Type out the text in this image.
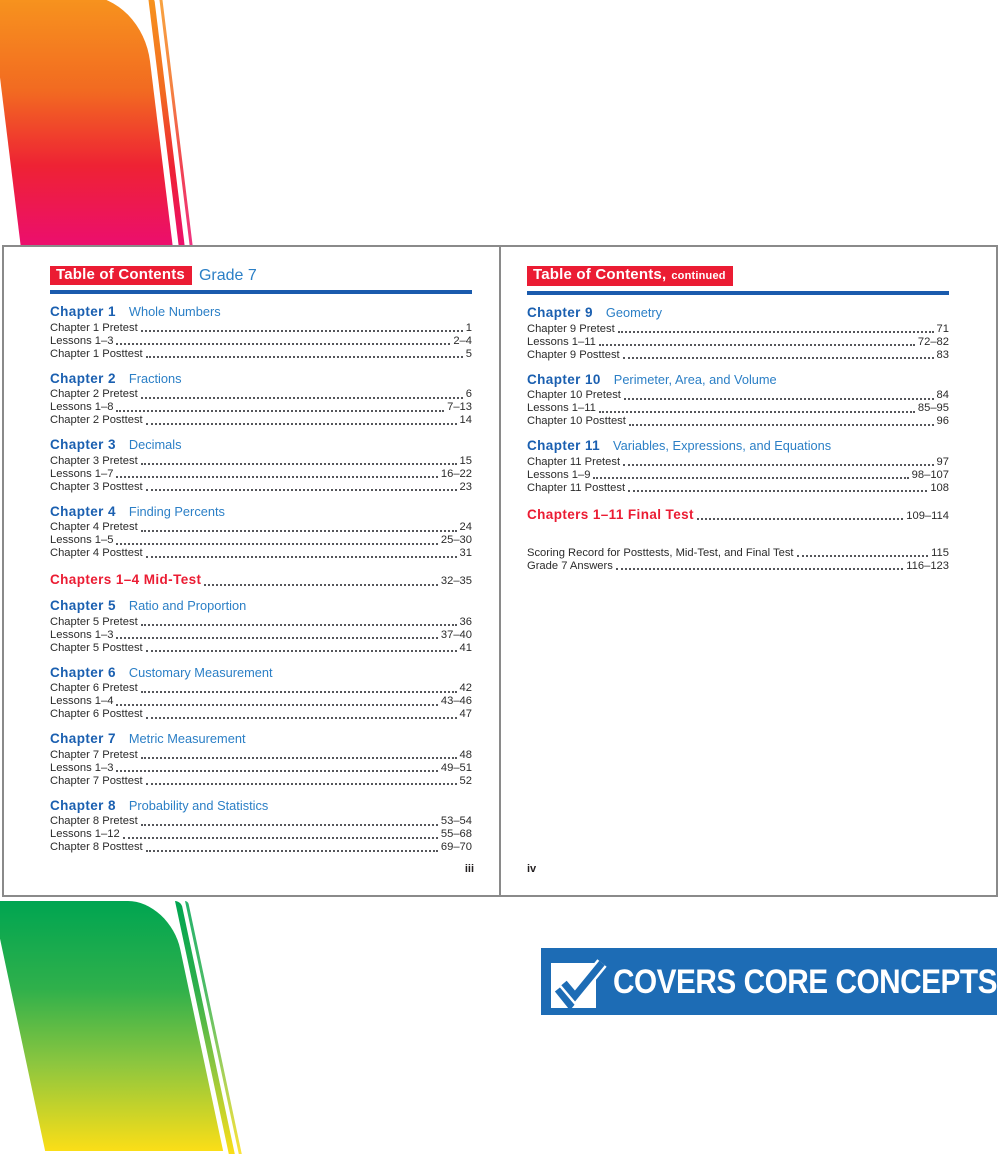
Table of Contents Grade 7
Chapter 1 Whole Numbers
Chapter 1 Pretest	1
Lessons 1–3	2–4
Chapter 1 Posttest	5
Chapter 2 Fractions
Chapter 2 Pretest	6
Lessons 1–8	7–13
Chapter 2 Posttest	14
Chapter 3 Decimals
Chapter 3 Pretest	15
Lessons 1–7	16–22
Chapter 3 Posttest	23
Chapter 4 Finding Percents
Chapter 4 Pretest	24
Lessons 1–5	25–30
Chapter 4 Posttest	31
Chapters 1–4 Mid-Test	32–35
Chapter 5 Ratio and Proportion
Chapter 5 Pretest	36
Lessons 1–3	37–40
Chapter 5 Posttest	41
Chapter 6 Customary Measurement
Chapter 6 Pretest	42
Lessons 1–4	43–46
Chapter 6 Posttest	47
Chapter 7 Metric Measurement
Chapter 7 Pretest	48
Lessons 1–3	49–51
Chapter 7 Posttest	52
Chapter 8 Probability and Statistics
Chapter 8 Pretest	53–54
Lessons 1–12	55–68
Chapter 8 Posttest	69–70
iii
Table of Contents, continued
Chapter 9 Geometry
Chapter 9 Pretest	71
Lessons 1–11	72–82
Chapter 9 Posttest	83
Chapter 10 Perimeter, Area, and Volume
Chapter 10 Pretest	84
Lessons 1–11	85–95
Chapter 10 Posttest	96
Chapter 11 Variables, Expressions, and Equations
Chapter 11 Pretest	97
Lessons 1–9	98–107
Chapter 11 Posttest	108
Chapters 1–11 Final Test	109–114
Scoring Record for Posttests, Mid-Test, and Final Test	115
Grade 7 Answers	116–123
iv
COVERS CORE CONCEPTS
